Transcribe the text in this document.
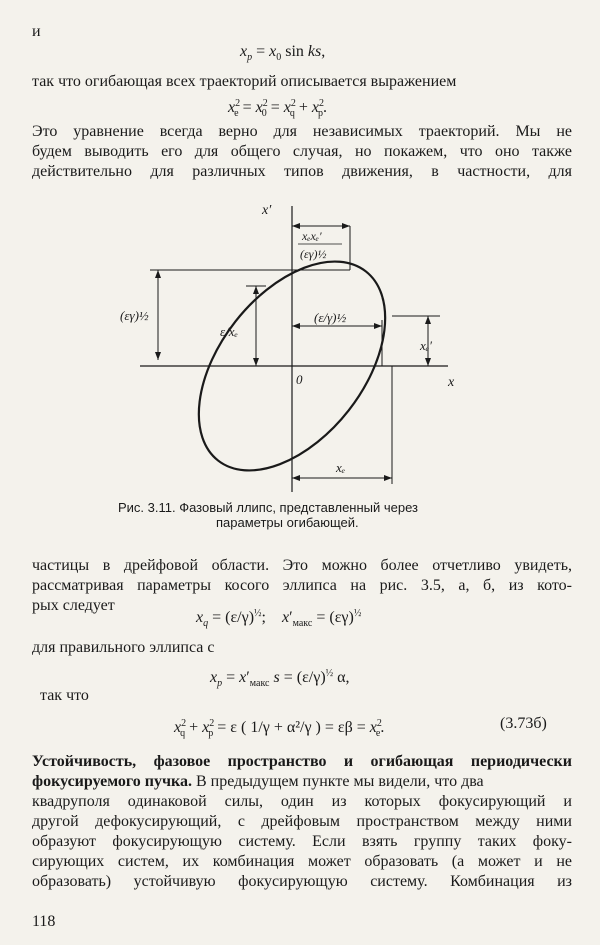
и
$x_p = x_0$ sin ks,
так что огибающая всех траекторий описывается выражением
$x^2_e = x^2_0 = x^2_q + x^2_p$.
Это уравнение всегда верно для независимых траекторий. Мы не
будем выводить его для общего случая, но покажем, что оно также
действительно для различных типов движения, в частности, для
x′
x
0
xₑxₑ′
(εγ)½
(εγ)½	(ε/γ)½
ε/xₑ
xₑ′
xₑ
Рис. 3.11. Фазовый ллипс, представленный через
параметры огибающей.
частицы в дрейфовой области. Это можно более отчетливо увидеть,
рассматривая параметры косого эллипса на рис. 3.5, а, б, из кото-
рых следует
$x_q = (\varepsilon/\gamma)^{\frac{1}{2}}$;    $x'_{макс} = (\varepsilon\gamma)^{\frac{1}{2}}$
для правильного эллипса с
$x_p = x'_{макс}$ $s = (\varepsilon/\gamma)^{\frac{1}{2}}$ α,
так что
$x^2_q + x^2_p = \varepsilon$ ( 1/γ + α²/γ ) = $\varepsilon\beta = x^2_e$.	(3.73б)
Устойчивость, фазовое пространство и огибающая периодически
фокусируемого пучка. В предыдущем пункте мы видели, что два
квадруполя одинаковой силы, один из которых фокусирующий и
другой дефокусирующий, с дрейфовым пространством между ними
образуют фокусирующую систему. Если взять группу таких фоку-
сирующих систем, их комбинация может образовать (а может и не
образовать) устойчивую фокусирующую систему. Комбинация из
118
